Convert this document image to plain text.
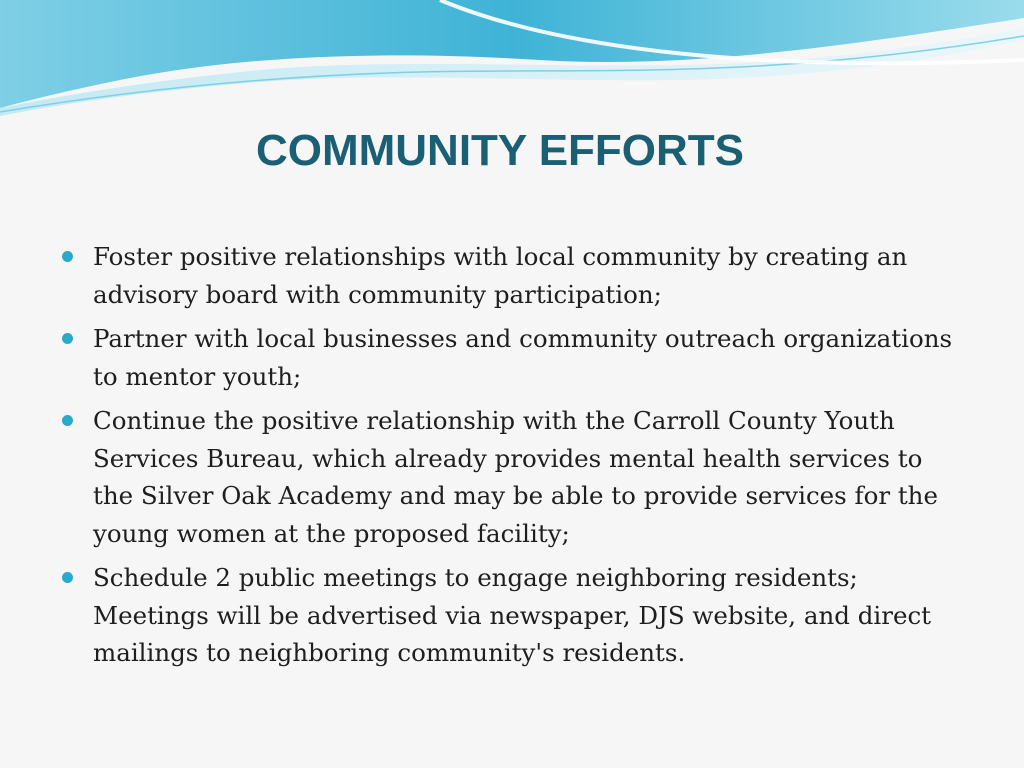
COMMUNITY EFFORTS
Foster positive relationships with local community by creating an advisory board with community participation;
Partner with local businesses and community outreach organizations to mentor youth;
Continue the positive relationship with the Carroll County Youth Services Bureau, which already provides mental health services to the Silver Oak Academy and may be able to provide services for the young women at the proposed facility;
Schedule 2 public meetings to engage neighboring residents; Meetings will be advertised via newspaper, DJS website, and direct mailings to neighboring community's residents.
